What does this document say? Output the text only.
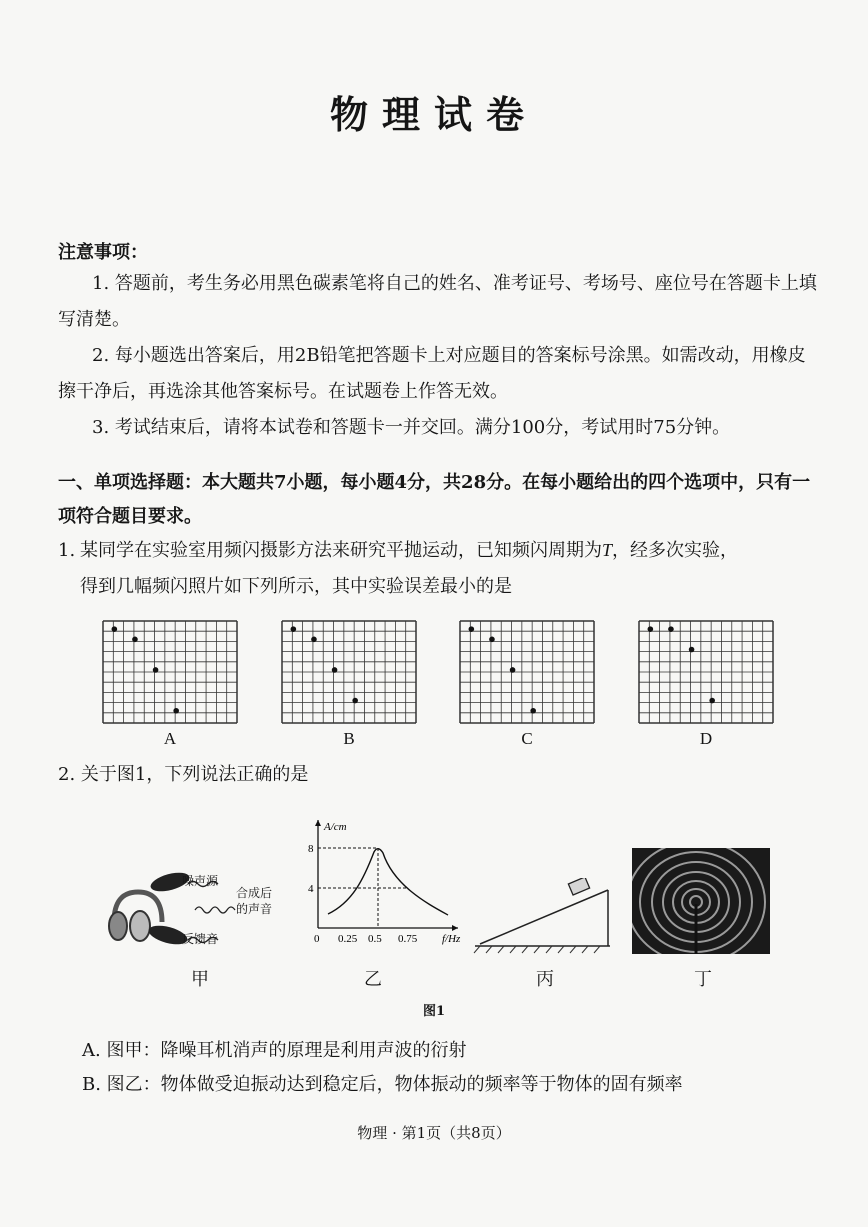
物理试卷
注意事项：
1. 答题前，考生务必用黑色碳素笔将自己的姓名、准考证号、考场号、座位号在答题卡上填写清楚。
2. 每小题选出答案后，用2B铅笔把答题卡上对应题目的答案标号涂黑。如需改动，用橡皮擦干净后，再选涂其他答案标号。在试题卷上作答无效。
3. 考试结束后，请将本试卷和答题卡一并交回。满分100分，考试用时75分钟。
一、单项选择题：本大题共7小题，每小题4分，共28分。在每小题给出的四个选项中，只有一项符合题目要求。
1. 某同学在实验室用频闪摄影方法来研究平抛运动，已知频闪周期为T，经多次实验，
得到几幅频闪照片如下列所示，其中实验误差最小的是
A	B	C	D
2. 关于图1，下列说法正确的是
噪声源
合成后
的声音
反馈音
甲
0 0.25 0.5 0.75
4
8
A/cm
f/Hz
乙	丙	丁
图1
A. 图甲：降噪耳机消声的原理是利用声波的衍射
B. 图乙：物体做受迫振动达到稳定后，物体振动的频率等于物体的固有频率
物理 · 第1页（共8页）
